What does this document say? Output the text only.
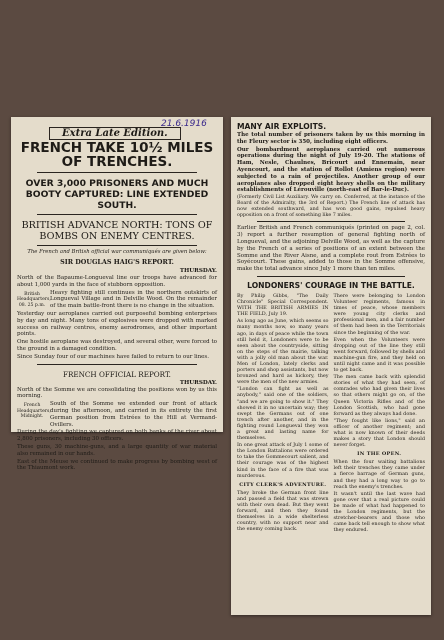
Extra Late Edition.
21.6.1916
FRENCH TAKE 10½ MILES OF TRENCHES.
OVER 3,000 PRISONERS AND MUCH BOOTY CAPTURED: LINE EXTENDED SOUTH.
BRITISH ADVANCE NORTH: TONS OF BOMBS ON ENEMY CENTRES.
The French and British official war communiqués are given below:
SIR DOUGLAS HAIG'S REPORT.
THURSDAY.

North of the Bapaume-Longueval line our troops have advanced for about 1,000 yards in the face of stubborn opposition.

British Headquarters, 08. 25 p.m.

Heavy fighting still continues in the northern outskirts of Longueval Village and in Delville Wood. On the remainder of the main battle-front there is no change in the situation.

Yesterday our aeroplanes carried out purposeful bombing enterprises by day and night. Many tons of explosives were dropped with marked success on railway centres, enemy aerodromes, and other important points.

One hostile aeroplane was destroyed, and several other, were forced to the ground in a damaged condition.

Since Sunday four of our machines have failed to return to our lines.

FRENCH OFFICIAL REPORT.
THURSDAY.

North of the Somme we are consolidating the positions won by us this morning.

French Headquarters, Midnight.

South of the Somme we extended our front of attack during the afternoon, and carried in its entirety the first German position from Estrées to the Hill at Vermand-Ovillers.

During the day's fighting we captured on both banks of the river about 2,800 prisoners, including 30 officers.

These guns, 30 machine-guns, and a large quantity of war material also remained in our hands.

East of the Meuse we continued to make progress by bombing west of the Thiaumont work.

MANY AIR EXPLOITS.

The total number of prisoners taken by us this morning in the Fleury sector is 350, including eight officers.

Our bombardment aeroplanes carried out numerous operations during the night of July 19-20. The stations of Ham, Nesle, Chaulnes, Bricourt and Ennemain, near Ayencourt, and the station of Rollot (Amiens region) were subjected to a rain of projectiles. Another group of our aeroplanes also dropped eight heavy shells on the military establishments of Lérouville (north-east of Bar-le-Duc).

(Formerly Civil List Auxiliary. We carry on. Conferred, at the instance of the Board of the Admiralty, the 3rd of Report.) The French line of attack has now extended southward, and has won good gains, repulsed heavy opposition on a front of something like 7 miles.

Earlier British and French communiqués (printed on page 2, col. 3) report a further resumption of general fighting north of Longueval, and the adjoining Delville Wood, as well as the capture by the French of a series of positions of an extent between the Somme and the River Aisne, and a complete rout from Estrées to Soyécourt. These gains, added to those in the Somme offensive, make the total advance since July 1 more than ten miles.

LONDONERS' COURAGE IN THE BATTLE.

By Philip Gibbs, "The Daily Chronicle" Special Correspondent. WITH THE BRITISH ARMIES IN THE FIELD, July 19.

As long ago as June, which seems so many months now, so many years ago, in days of peace while the town still held it, Londoners were to be seen about the countryside, sitting on the steps of the mairie, talking with a jolly old man about the war. Men of London, lately clerks and porters and shop assistants, but now bronzed and hard as hickory, they were the men of the new armies.

"London can fight as well as anybody," said one of the soldiers, "and we are going to show it." They showed it in no uncertain way; they swept the Germans out of one trench after another, and in the fighting round Longueval they won a great and lasting name for themselves.

In one great attack of July 1 some of the London Battalions were ordered to take the Gommecourt salient, and their courage was of the highest kind in the face of a fire that was murderous.

CITY CLERK'S ADVENTURE.

They broke the German front line and passed a field that was strewn with their own dead. But they went forward, and then they found themselves in a wide shelterless country, with no support near and the enemy coming back.

There were belonging to London Volunteer regiments, famous in times of peace, whose members were young city clerks and professional men, and a fair number of them had been in the Territorials since the beginning of the war.

Even when the Volunteers were dropping out of the line they still went forward, followed by shells and machine-gun fire, and they held on until night came and it was possible to get back.

The men came back with splendid stories of what they had seen, of comrades who had given their lives so that others might go on, of the Queen Victoria Rifles and of the London Scottish, who had gone forward as they always had done.

"They fought like lions," said an officer of another regiment; and what is now known of their deeds makes a story that London should never forget.

IN THE OPEN.

When the four waiting battalions left their trenches they came under a fierce barrage of German guns, and they had a long way to go to reach the enemy's trenches.

It wasn't until the last wave had gone over that a real picture could be made of what had happened to the London regiments, but the stretcher-bearers and those who came back tell enough to show what they endured.
